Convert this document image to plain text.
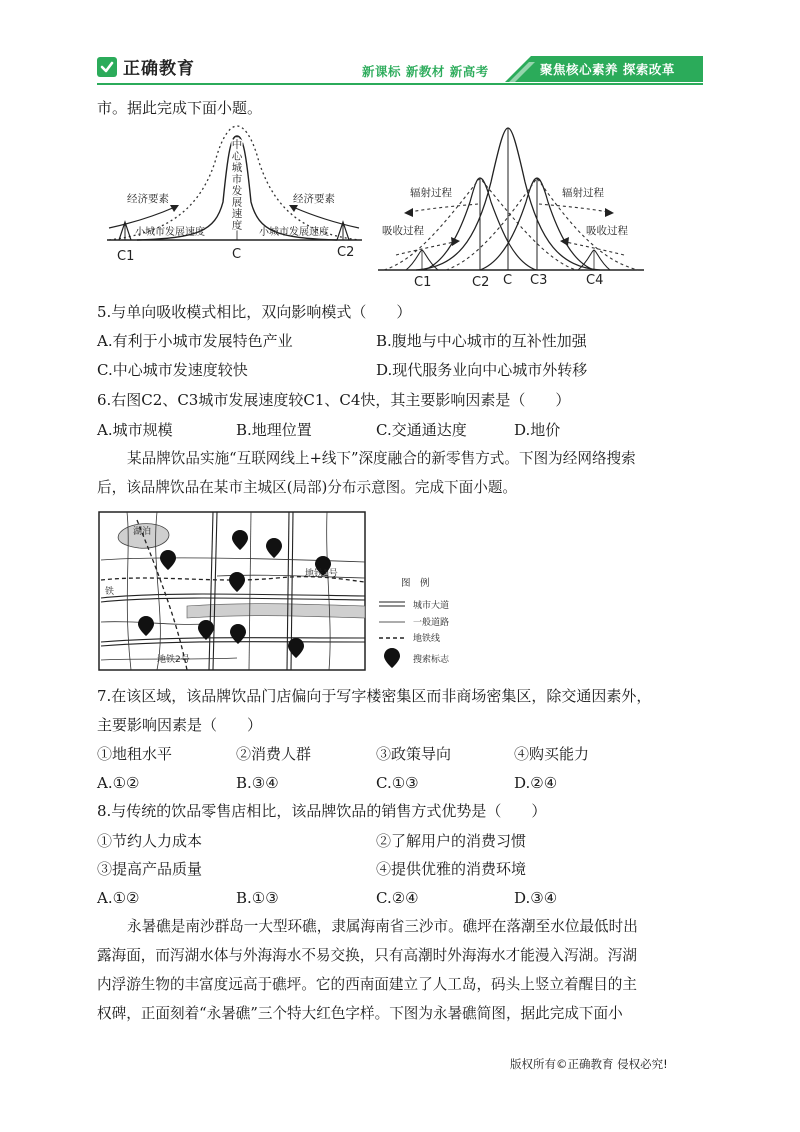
正确教育	新课标 新教材 新高考	聚焦核心素养 探索改革
市。据此完成下面小题。
中
心
城
市
发
展
速
度
经济要素	经济要素
小城市发展速度	小城市发展速度
C1	C	C2
辐射过程	辐射过程
吸收过程	吸收过程
C1	C2 C C3	C4
5.与单向吸收模式相比，双向影响模式（　　）
A.有利于小城市发展特色产业	B.腹地与中心城市的互补性加强
C.中心城市发速度较快	D.现代服务业向中心城市外转移
6.右图C2、C3城市发展速度较C1、C4快，其主要影响因素是（　　）
A.城市规模	B.地理位置	C.交通通达度	D.地价
某品牌饮品实施“互联网线上+线下”深度融合的新零售方式。下图为经网络搜索
后，该品牌饮品在某市主城区(局部)分布示意图。完成下面小题。
湖泊
地铁1号
地铁2号
铁
图　例
城市大道
一般道路
地铁线
搜索标志
7.在该区域，该品牌饮品门店偏向于写字楼密集区而非商场密集区，除交通因素外，
主要影响因素是（　　）
①地租水平	②消费人群	③政策导向	④购买能力
A.①②	B.③④	C.①③	D.②④
8.与传统的饮品零售店相比，该品牌饮品的销售方式优势是（　　）
①节约人力成本	②了解用户的消费习惯
③提高产品质量	④提供优雅的消费环境
A.①②	B.①③	C.②④	D.③④
永暑礁是南沙群岛一大型环礁，隶属海南省三沙市。礁坪在落潮至水位最低时出
露海面，而泻湖水体与外海海水不易交换，只有高潮时外海海水才能漫入泻湖。泻湖
内浮游生物的丰富度远高于礁坪。它的西南面建立了人工岛，码头上竖立着醒目的主
权碑，正面刻着“永暑礁”三个特大红色字样。下图为永暑礁简图，据此完成下面小
版权所有©正确教育 侵权必究!
